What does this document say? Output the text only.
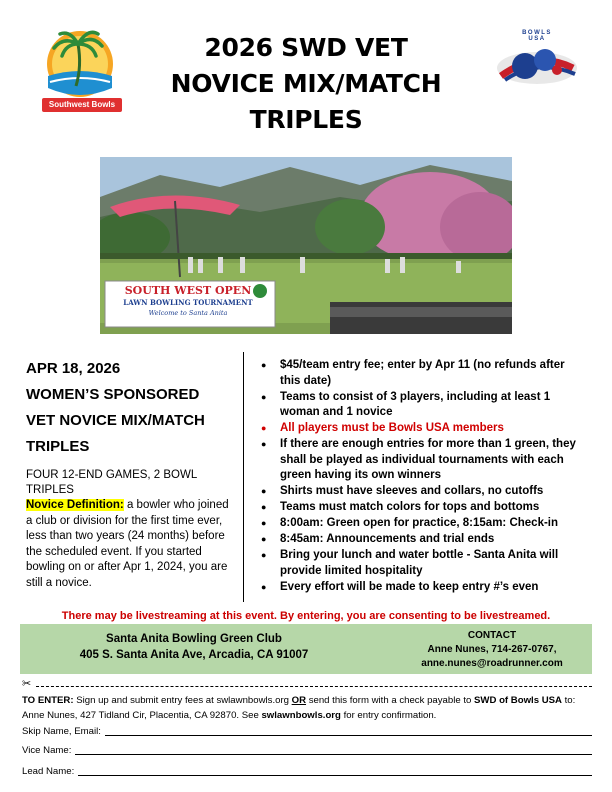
Southwest Bowls
2026 SWD VET
NOVICE MIX/MATCH
TRIPLES
BOWLS USA
SOUTH WEST OPEN
LAWN BOWLING TOURNAMENT
Welcome to Santa Anita
APR 18, 2026
WOMEN’S SPONSORED
VET NOVICE MIX/MATCH
TRIPLES
FOUR 12-END GAMES, 2 BOWL TRIPLES
Novice Definition: a bowler who joined a club or division for the first time ever, less than two years (24 months) before the scheduled event. If you started bowling on or after Apr 1, 2024, you are still a novice.
● $45/team entry fee; enter by Apr 11 (no refunds after this date)
● Teams to consist of 3 players, including at least 1 woman and 1 novice
● All players must be Bowls USA members
● If there are enough entries for more than 1 green, they shall be played as individual tournaments with each green having its own winners
● Shirts must have sleeves and collars, no cutoffs
● Teams must match colors for tops and bottoms
● 8:00am: Green open for practice, 8:15am: Check-in
● 8:45am: Announcements and trial ends
● Bring your lunch and water bottle - Santa Anita will provide limited hospitality
● Every effort will be made to keep entry #’s even
There may be livestreaming at this event. By entering, you are consenting to be livestreamed.
Santa Anita Bowling Green Club
405 S. Santa Anita Ave, Arcadia, CA 91007
CONTACT
Anne Nunes, 714-267-0767,
anne.nunes@roadrunner.com
✂
TO ENTER: Sign up and submit entry fees at swlawnbowls.org OR send this form with a check payable to SWD of Bowls USA to: Anne Nunes, 427 Tidland Cir, Placentia, CA 92870. See swlawnbowls.org for entry confirmation.
Skip Name, Email:
Vice Name:
Lead Name:
